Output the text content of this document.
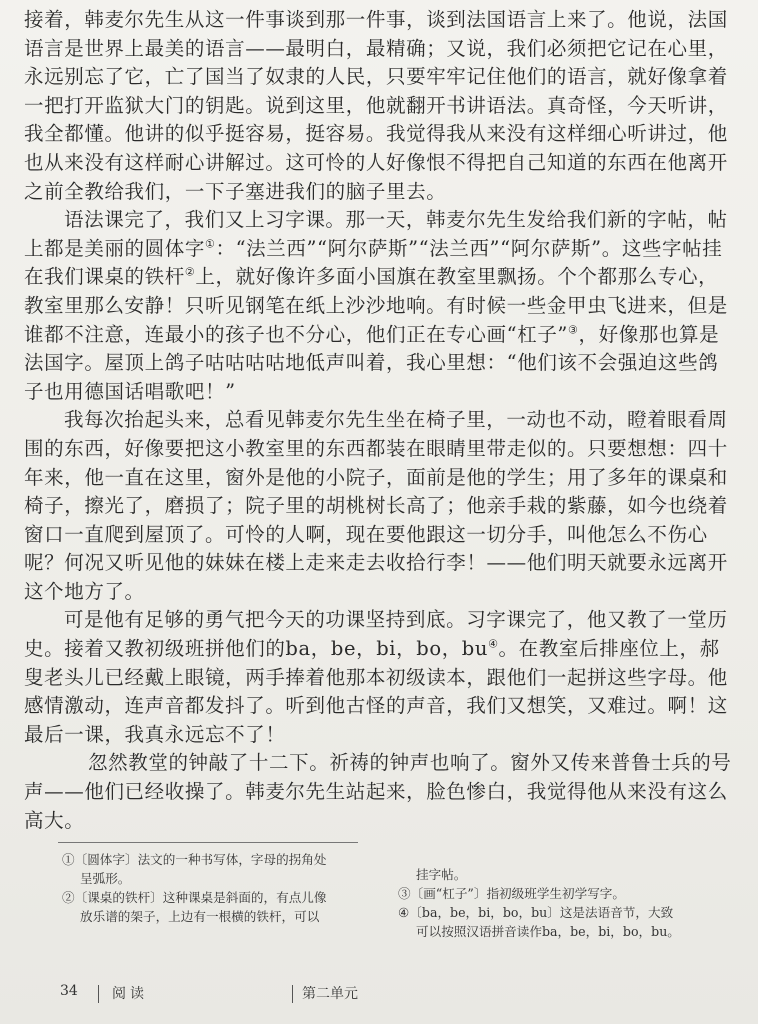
接着，韩麦尔先生从这一件事谈到那一件事，谈到法国语言上来了。他说，法国语言是世界上最美的语言——最明白，最精确；又说，我们必须把它记在心里，永远别忘了它，亡了国当了奴隶的人民，只要牢牢记住他们的语言，就好像拿着一把打开监狱大门的钥匙。说到这里，他就翻开书讲语法。真奇怪，今天听讲，我全都懂。他讲的似乎挺容易，挺容易。我觉得我从来没有这样细心听讲过，他也从来没有这样耐心讲解过。这可怜的人好像恨不得把自己知道的东西在他离开之前全教给我们，一下子塞进我们的脑子里去。

语法课完了，我们又上习字课。那一天，韩麦尔先生发给我们新的字帖，帖上都是美丽的圆体字①：“法兰西”“阿尔萨斯”“法兰西”“阿尔萨斯”。这些字帖挂在我们课桌的铁杆②上，就好像许多面小国旗在教室里飘扬。个个都那么专心，教室里那么安静！只听见钢笔在纸上沙沙地响。有时候一些金甲虫飞进来，但是谁都不注意，连最小的孩子也不分心，他们正在专心画“杠子”③，好像那也算是法国字。屋顶上鸽子咕咕咕咕地低声叫着，我心里想：“他们该不会强迫这些鸽子也用德国话唱歌吧！”

我每次抬起头来，总看见韩麦尔先生坐在椅子里，一动也不动，瞪着眼看周围的东西，好像要把这小教室里的东西都装在眼睛里带走似的。只要想想：四十年来，他一直在这里，窗外是他的小院子，面前是他的学生；用了多年的课桌和椅子，擦光了，磨损了；院子里的胡桃树长高了；他亲手栽的紫藤，如今也绕着窗口一直爬到屋顶了。可怜的人啊，现在要他跟这一切分手，叫他怎么不伤心呢？何况又听见他的妹妹在楼上走来走去收拾行李！——他们明天就要永远离开这个地方了。

可是他有足够的勇气把今天的功课坚持到底。习字课完了，他又教了一堂历史。接着又教初级班拼他们的ba，be，bi，bo，bu④。在教室后排座位上，郝叟老头儿已经戴上眼镜，两手捧着他那本初级读本，跟他们一起拼这些字母。他感情激动，连声音都发抖了。听到他古怪的声音，我们又想笑，又难过。啊！这最后一课，我真永远忘不了！

忽然教堂的钟敲了十二下。祈祷的钟声也响了。窗外又传来普鲁士兵的号声——他们已经收操了。韩麦尔先生站起来，脸色惨白，我觉得他从来没有这么高大。

①〔圆体字〕法文的一种书写体，字母的拐角处

呈弧形。

②〔课桌的铁杆〕这种课桌是斜面的，有点儿像

放乐谱的架子，上边有一根横的铁杆，可以

挂字帖。

③〔画“杠子”〕指初级班学生初学写字。

④〔ba，be，bi，bo，bu〕这是法语音节，大致

可以按照汉语拼音读作ba，be，bi，bo，bu。

34 阅读	第二单元
